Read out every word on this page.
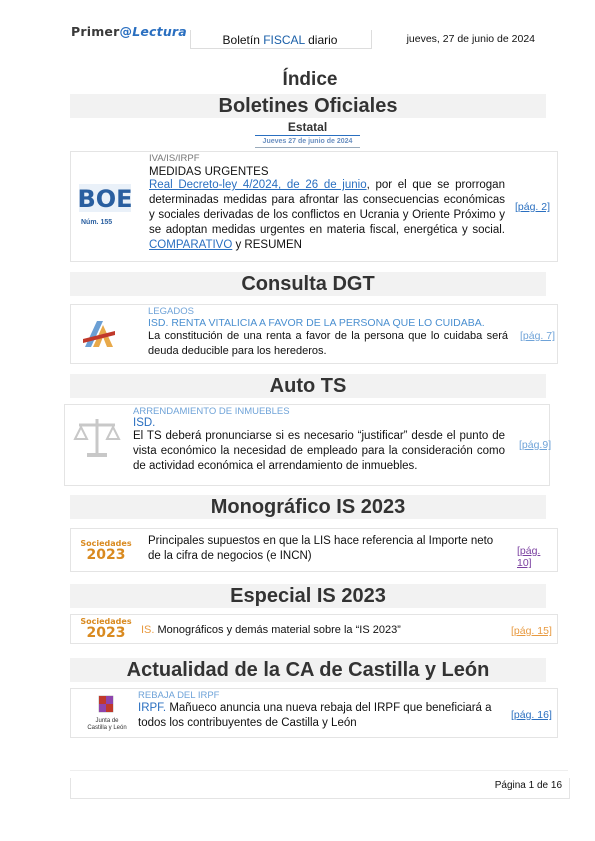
Primer@Lectura
Boletín FISCAL diario	jueves, 27 de junio de 2024
Índice
Boletines Oficiales
Estatal
Jueves 27 de junio de 2024
BOE
Núm. 155
IVA/IS/IRPF
MEDIDAS URGENTES
Real Decreto-ley 4/2024, de 26 de junio, por el que se prorrogan determinadas medidas para afrontar las consecuencias económicas y sociales derivadas de los conflictos en Ucrania y Oriente Próximo y se adoptan medidas urgentes en materia fiscal, energética y social. COMPARATIVO y RESUMEN
[pág. 2]
Consulta DGT
LEGADOS
ISD. RENTA VITALICIA A FAVOR DE LA PERSONA QUE LO CUIDABA.
La constitución de una renta a favor de la persona que lo cuidaba será deuda deducible para los herederos.
[pág. 7]
Auto TS
ARRENDAMIENTO DE INMUEBLES
ISD.
El TS deberá pronunciarse si es necesario “justificar” desde el punto de vista económico la necesidad de empleado para la consideración como de actividad económica el arrendamiento de inmuebles.
[pág.9]
Monográfico IS 2023
Sociedades
2023
Principales supuestos en que la LIS hace referencia al Importe neto de la cifra de negocios (e INCN)	[pág. 10]
Especial IS 2023
Sociedades
2023	IS. Monográficos y demás material sobre la “IS 2023”	[pág. 15]
Actualidad de la CA de Castilla y León
Junta de
Castilla y León
REBAJA DEL IRPF
IRPF. Mañueco anuncia una nueva rebaja del IRPF que beneficiará a todos los contribuyentes de Castilla y León
[pág. 16]
Página 1 de 16
